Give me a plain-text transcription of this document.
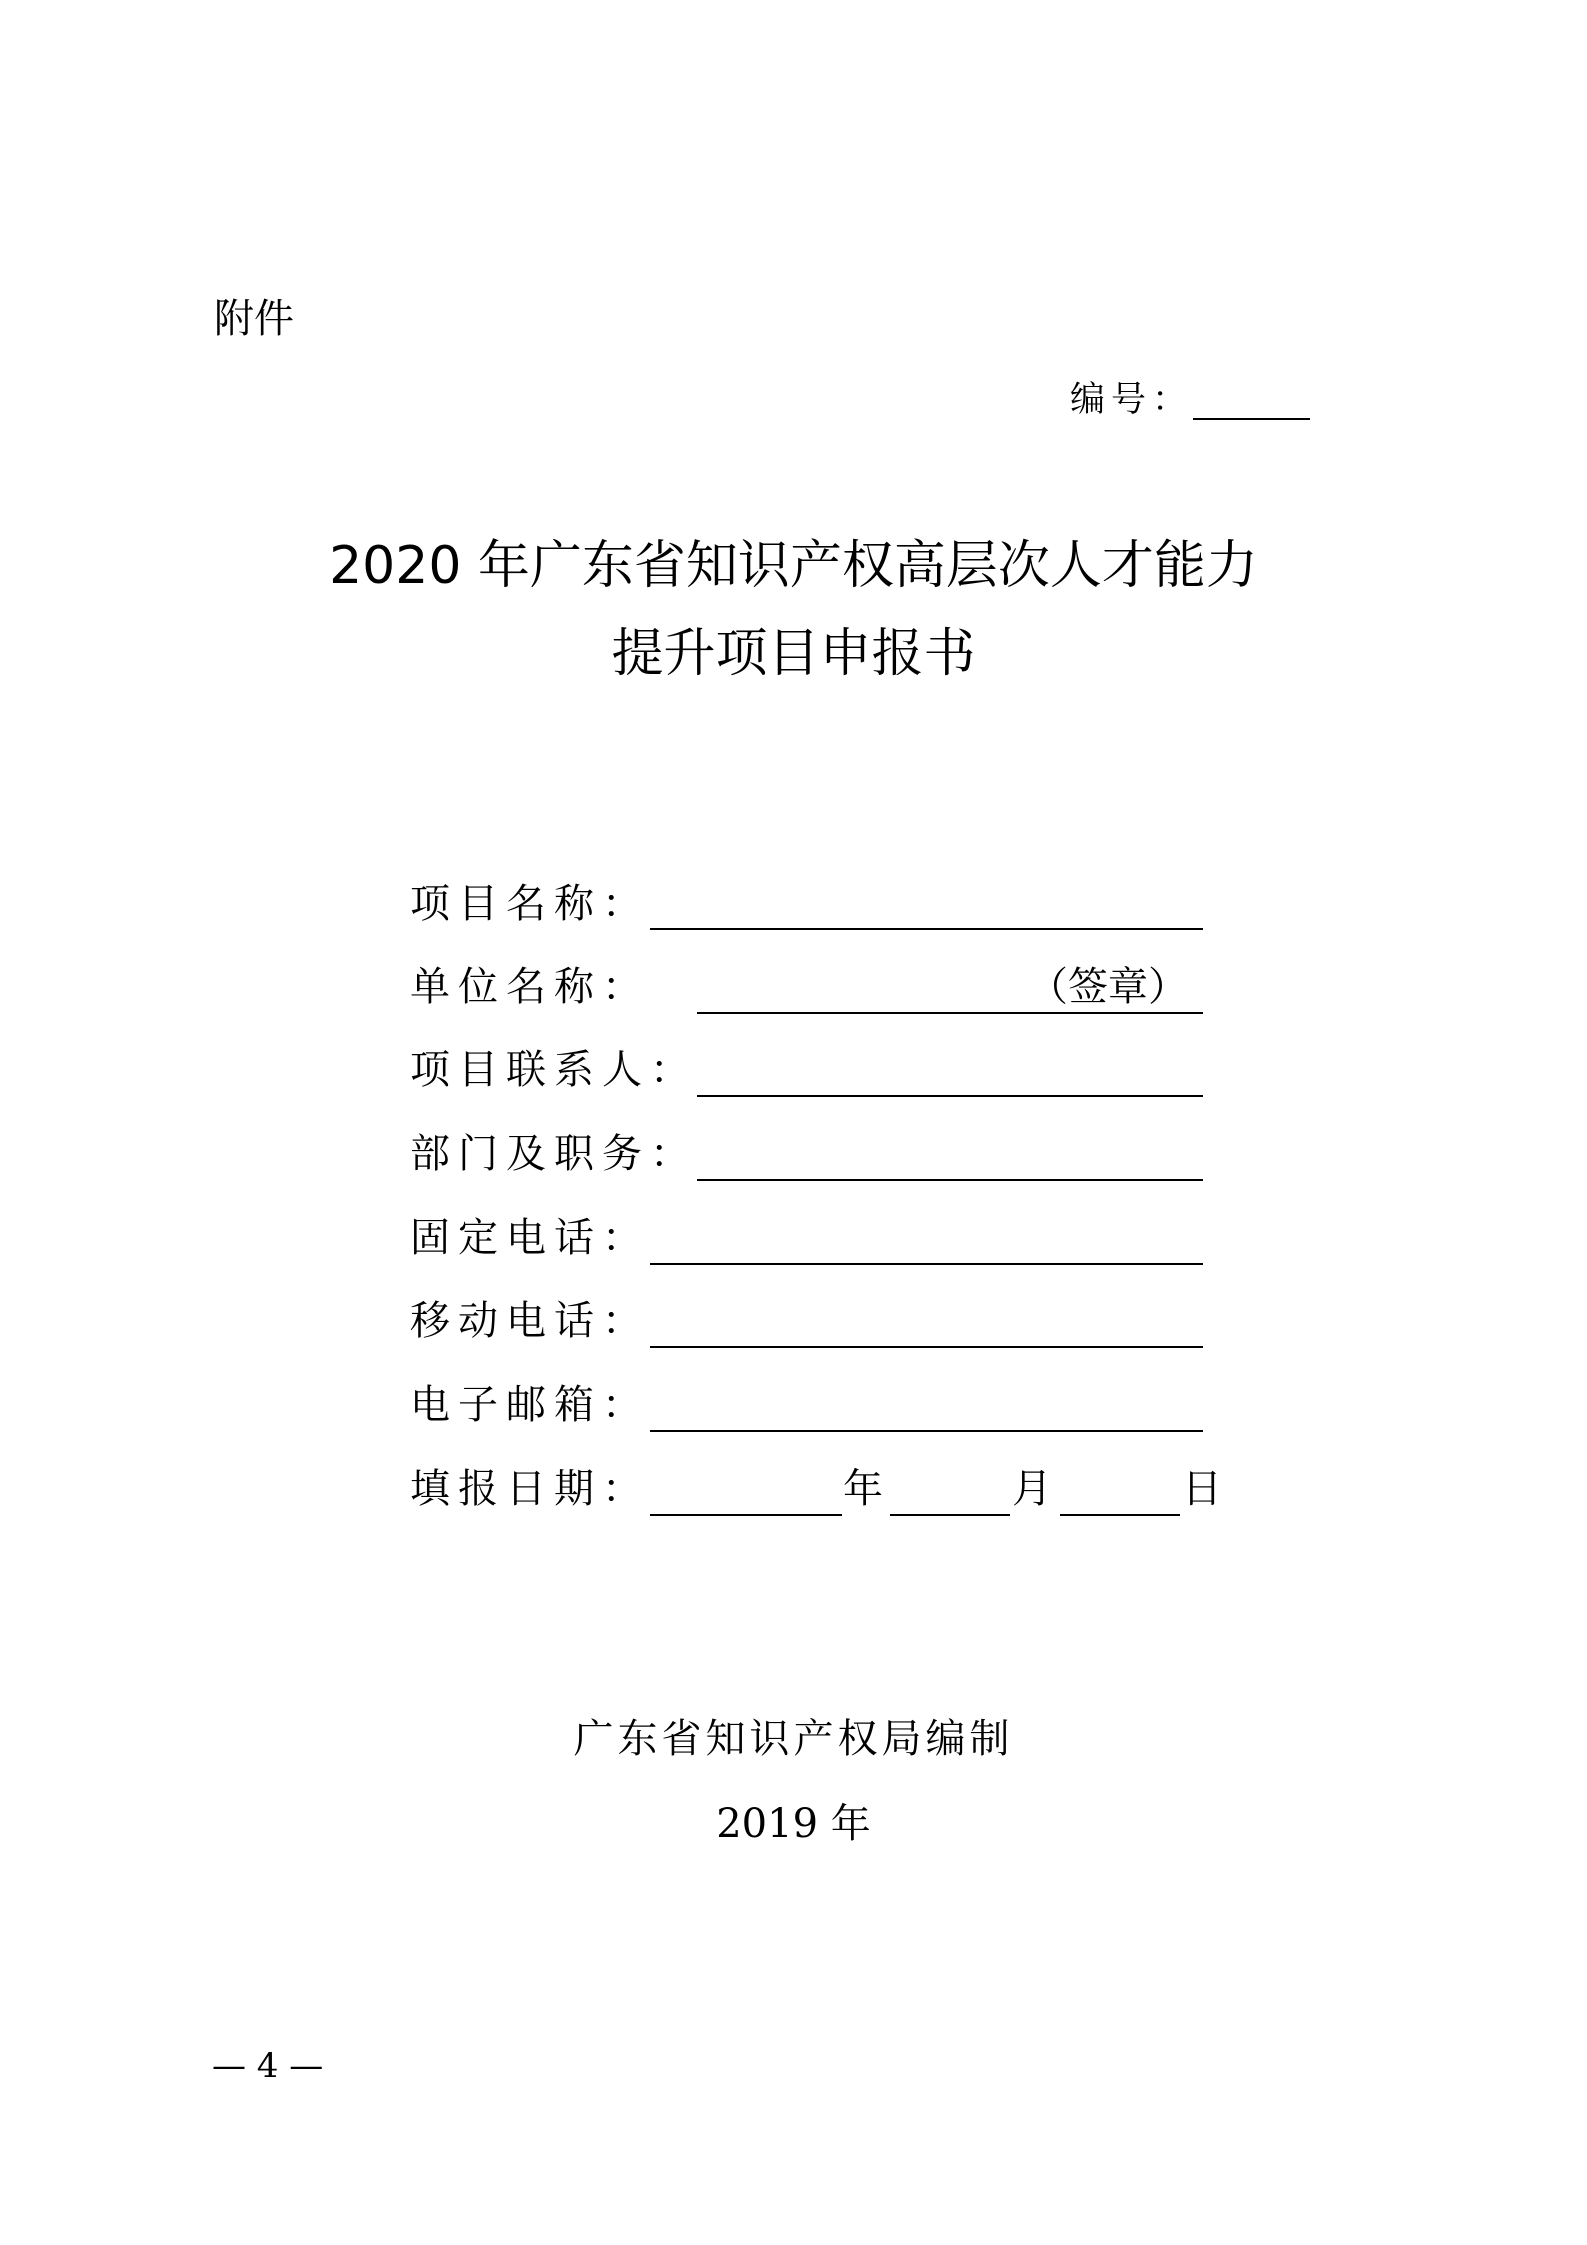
附件
编号：
2020 年广东省知识产权高层次人才能力
提升项目申报书
项目名称：
单位名称：	（签章）
项目联系人：
部门及职务：
固定电话：
移动电话：
电子邮箱：
填报日期：	年	月	日
广东省知识产权局编制
2019 年
— 4 —
